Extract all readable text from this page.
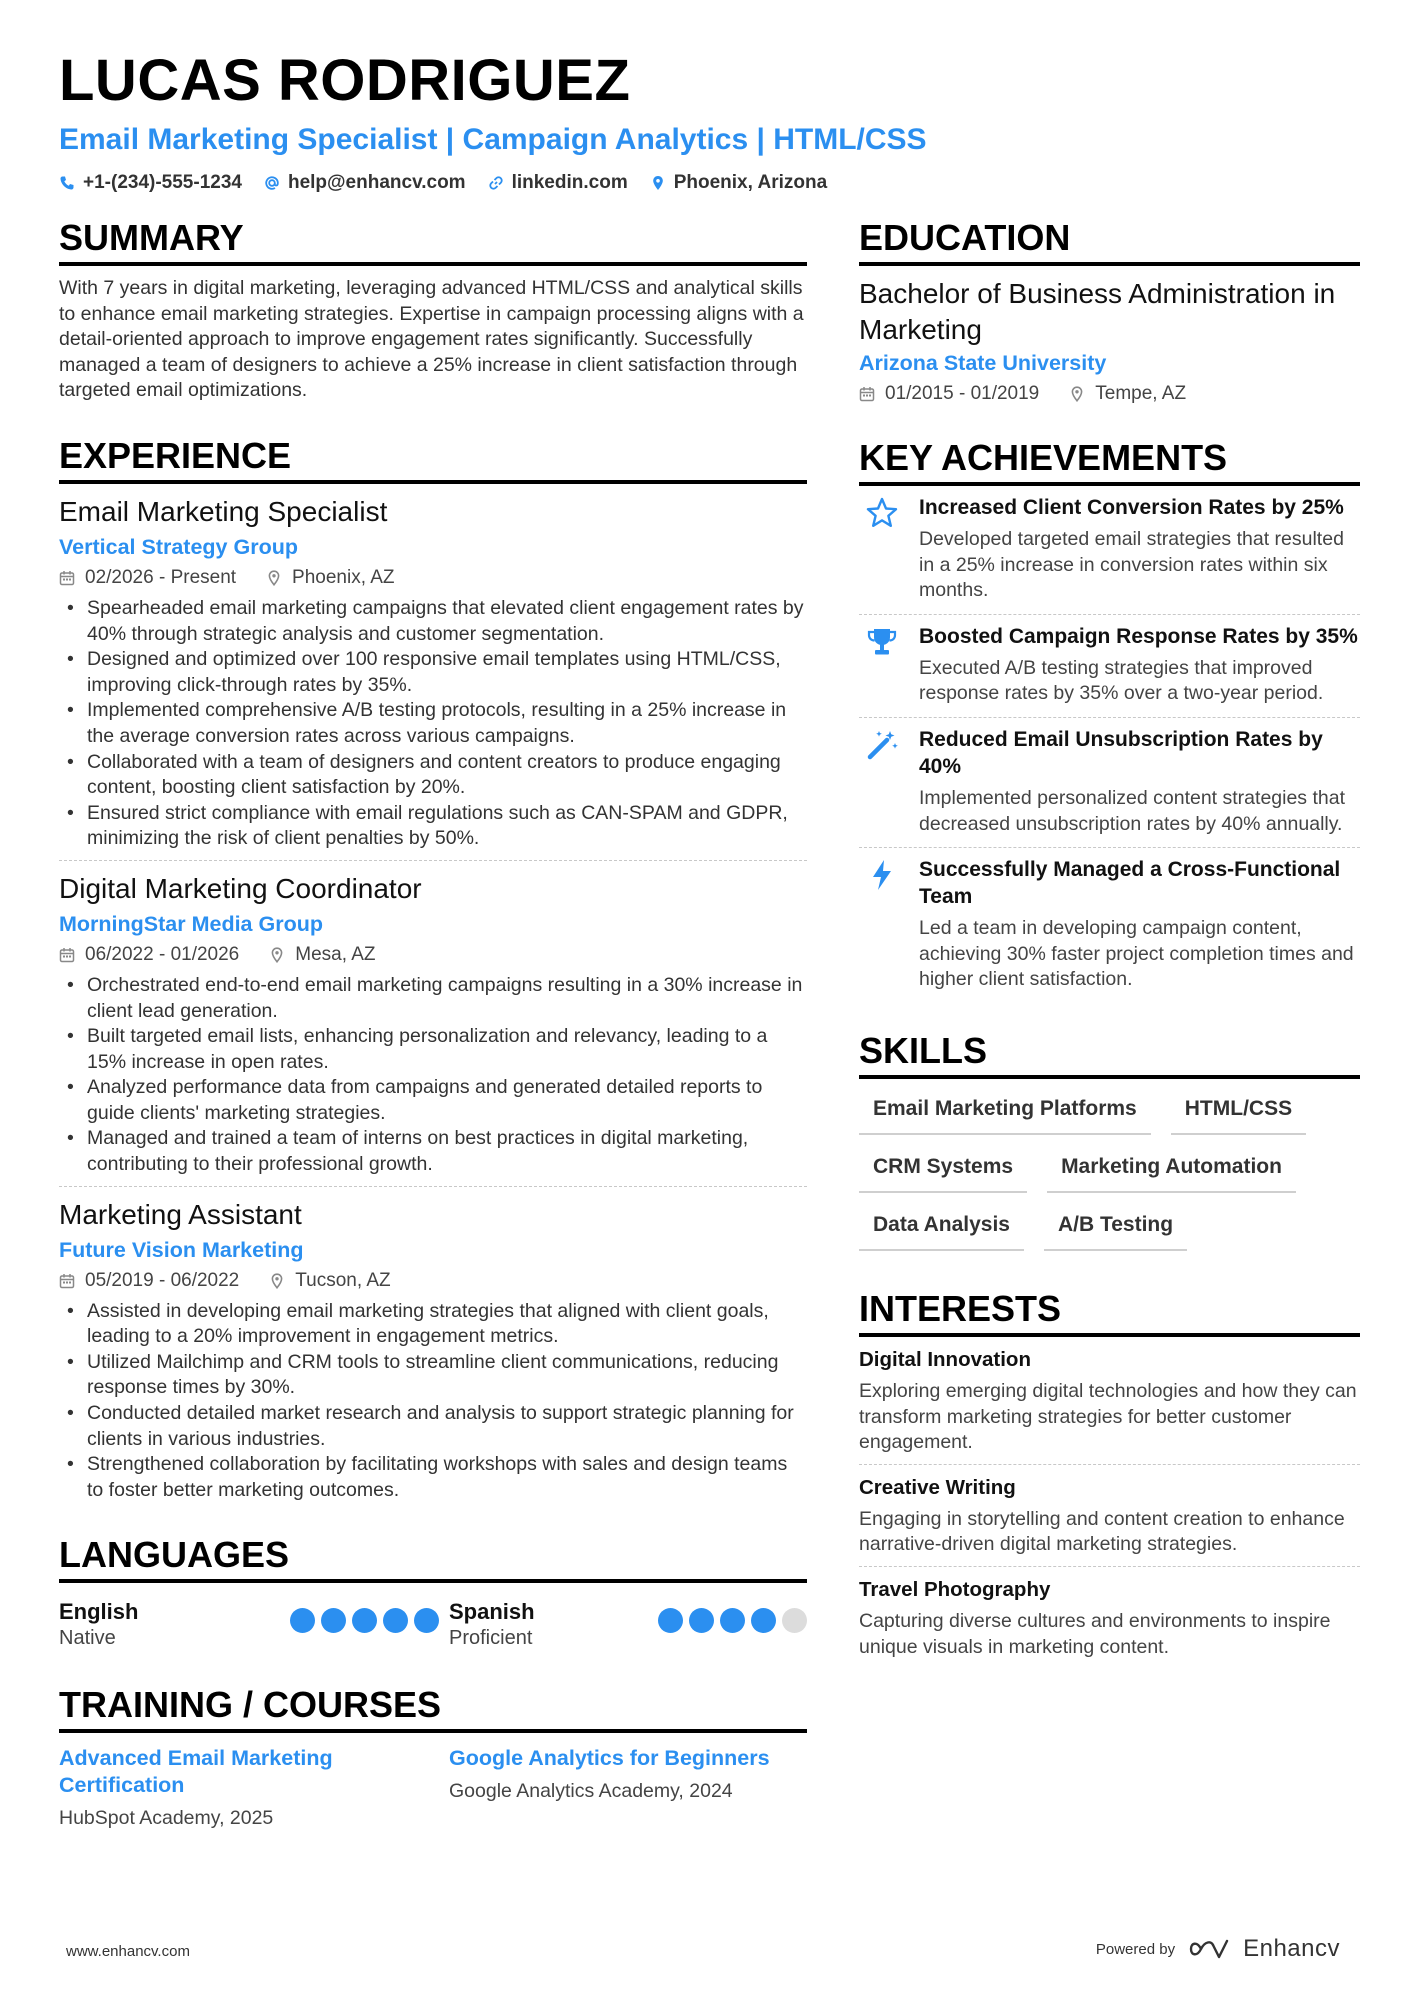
LUCAS RODRIGUEZ
Email Marketing Specialist | Campaign Analytics | HTML/CSS
+1-(234)-555-1234 help@enhancv.com linkedin.com Phoenix, Arizona
SUMMARY
With 7 years in digital marketing, leveraging advanced HTML/CSS and analytical skills to enhance email marketing strategies. Expertise in campaign processing aligns with a detail-oriented approach to improve engagement rates significantly. Successfully managed a team of designers to achieve a 25% increase in client satisfaction through targeted email optimizations.
EXPERIENCE
Email Marketing Specialist
Vertical Strategy Group
02/2026 - Present	Phoenix, AZ
• Spearheaded email marketing campaigns that elevated client engagement rates by 40% through strategic analysis and customer segmentation.
• Designed and optimized over 100 responsive email templates using HTML/CSS, improving click-through rates by 35%.
• Implemented comprehensive A/B testing protocols, resulting in a 25% increase in the average conversion rates across various campaigns.
• Collaborated with a team of designers and content creators to produce engaging content, boosting client satisfaction by 20%.
• Ensured strict compliance with email regulations such as CAN-SPAM and GDPR, minimizing the risk of client penalties by 50%.
Digital Marketing Coordinator
MorningStar Media Group
06/2022 - 01/2026	Mesa, AZ
• Orchestrated end-to-end email marketing campaigns resulting in a 30% increase in client lead generation.
• Built targeted email lists, enhancing personalization and relevancy, leading to a 15% increase in open rates.
• Analyzed performance data from campaigns and generated detailed reports to guide clients' marketing strategies.
• Managed and trained a team of interns on best practices in digital marketing, contributing to their professional growth.
Marketing Assistant
Future Vision Marketing
05/2019 - 06/2022	Tucson, AZ
• Assisted in developing email marketing strategies that aligned with client goals, leading to a 20% improvement in engagement metrics.
• Utilized Mailchimp and CRM tools to streamline client communications, reducing response times by 30%.
• Conducted detailed market research and analysis to support strategic planning for clients in various industries.
• Strengthened collaboration by facilitating workshops with sales and design teams to foster better marketing outcomes.
LANGUAGES
English
Native
Spanish
Proficient
TRAINING / COURSES
Advanced Email Marketing Certification
HubSpot Academy, 2025
Google Analytics for Beginners
Google Analytics Academy, 2024
EDUCATION
Bachelor of Business Administration in Marketing
Arizona State University
01/2015 - 01/2019	Tempe, AZ
KEY ACHIEVEMENTS
Increased Client Conversion Rates by 25%
Developed targeted email strategies that resulted in a 25% increase in conversion rates within six months.
Boosted Campaign Response Rates by 35%
Executed A/B testing strategies that improved response rates by 35% over a two-year period.
Reduced Email Unsubscription Rates by 40%
Implemented personalized content strategies that decreased unsubscription rates by 40% annually.
Successfully Managed a Cross-Functional Team
Led a team in developing campaign content, achieving 30% faster project completion times and higher client satisfaction.
SKILLS
Email Marketing Platforms	HTML/CSS
CRM Systems	Marketing Automation
Data Analysis	A/B Testing
INTERESTS
Digital Innovation
Exploring emerging digital technologies and how they can transform marketing strategies for better customer engagement.
Creative Writing
Engaging in storytelling and content creation to enhance narrative-driven digital marketing strategies.
Travel Photography
Capturing diverse cultures and environments to inspire unique visuals in marketing content.
www.enhancv.com	Powered by	Enhancv
